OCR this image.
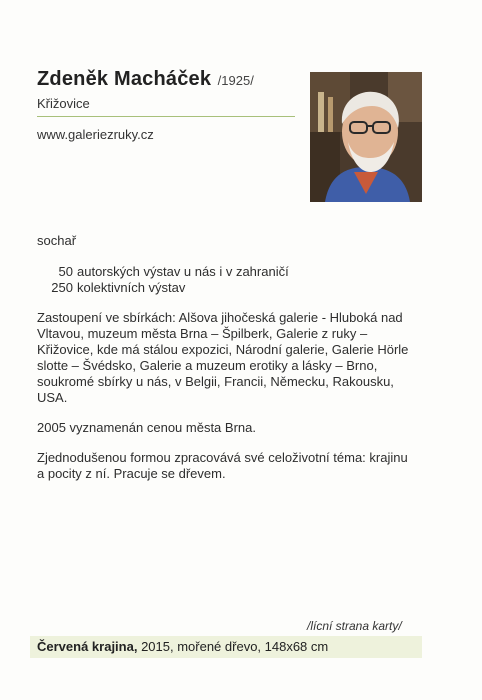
Zdeněk Macháček /1925/
Křižovice
www.galeriezruky.cz
sochař
50 autorských výstav u nás i v zahraničí
250 kolektivních výstav
Zastoupení ve sbírkách: Alšova jihočeská galerie - Hluboká nad Vltavou, muzeum města Brna – Špilberk, Galerie z ruky – Křižovice, kde má stálou expozici, Národní galerie, Galerie Hörle slotte – Švédsko, Galerie a muzeum erotiky a lásky – Brno, soukromé sbírky u nás, v Belgii, Francii, Německu, Rakousku, USA.
2005 vyznamenán cenou města Brna.
Zjednodušenou formou zpracovává své celoživotní téma: krajinu a pocity z ní. Pracuje se dřevem.
/lícní strana karty/
Červená krajina, 2015, mořené dřevo, 148x68 cm
